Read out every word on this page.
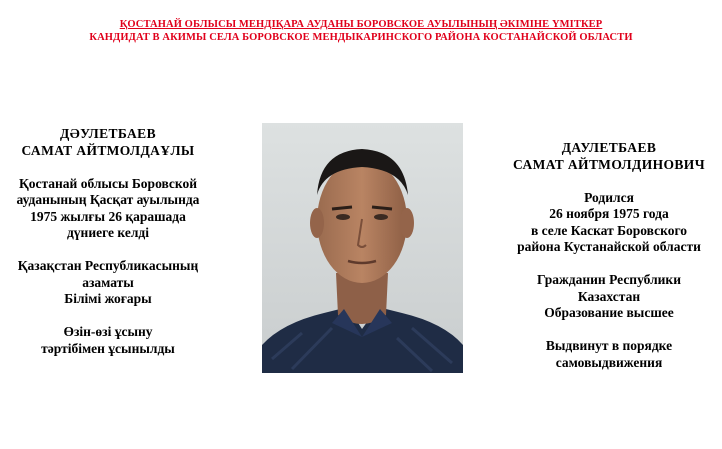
ҚОСТАНАЙ ОБЛЫСЫ МЕНДІҚАРА АУДАНЫ БОРОВСКОЕ АУЫЛЫНЫҢ ӘКІМІНЕ ҮМІТКЕР
КАНДИДАТ В АКИМЫ СЕЛА БОРОВСКОЕ МЕНДЫКАРИНСКОГО РАЙОНА КОСТАНАЙСКОЙ ОБЛАСТИ
ДӘУЛЕТБАЕВ
САМАТ АЙТМОЛДАҰЛЫ
Қостанай облысы Боровской
ауданының Қасқат ауылында
1975 жылғы 26 қарашада
дүниеге келді
Қазақстан Республикасының
азаматы
Білімі жоғары
Өзін-өзі ұсыну
тәртібімен ұсынылды
ДАУЛЕТБАЕВ
САМАТ АЙТМОЛДИНОВИЧ
Родился
26 ноября 1975 года
в селе Каскат Боровского
района Кустанайской области
Гражданин Республики
Казахстан
Образование высшее
Выдвинут в порядке
самовыдвижения
